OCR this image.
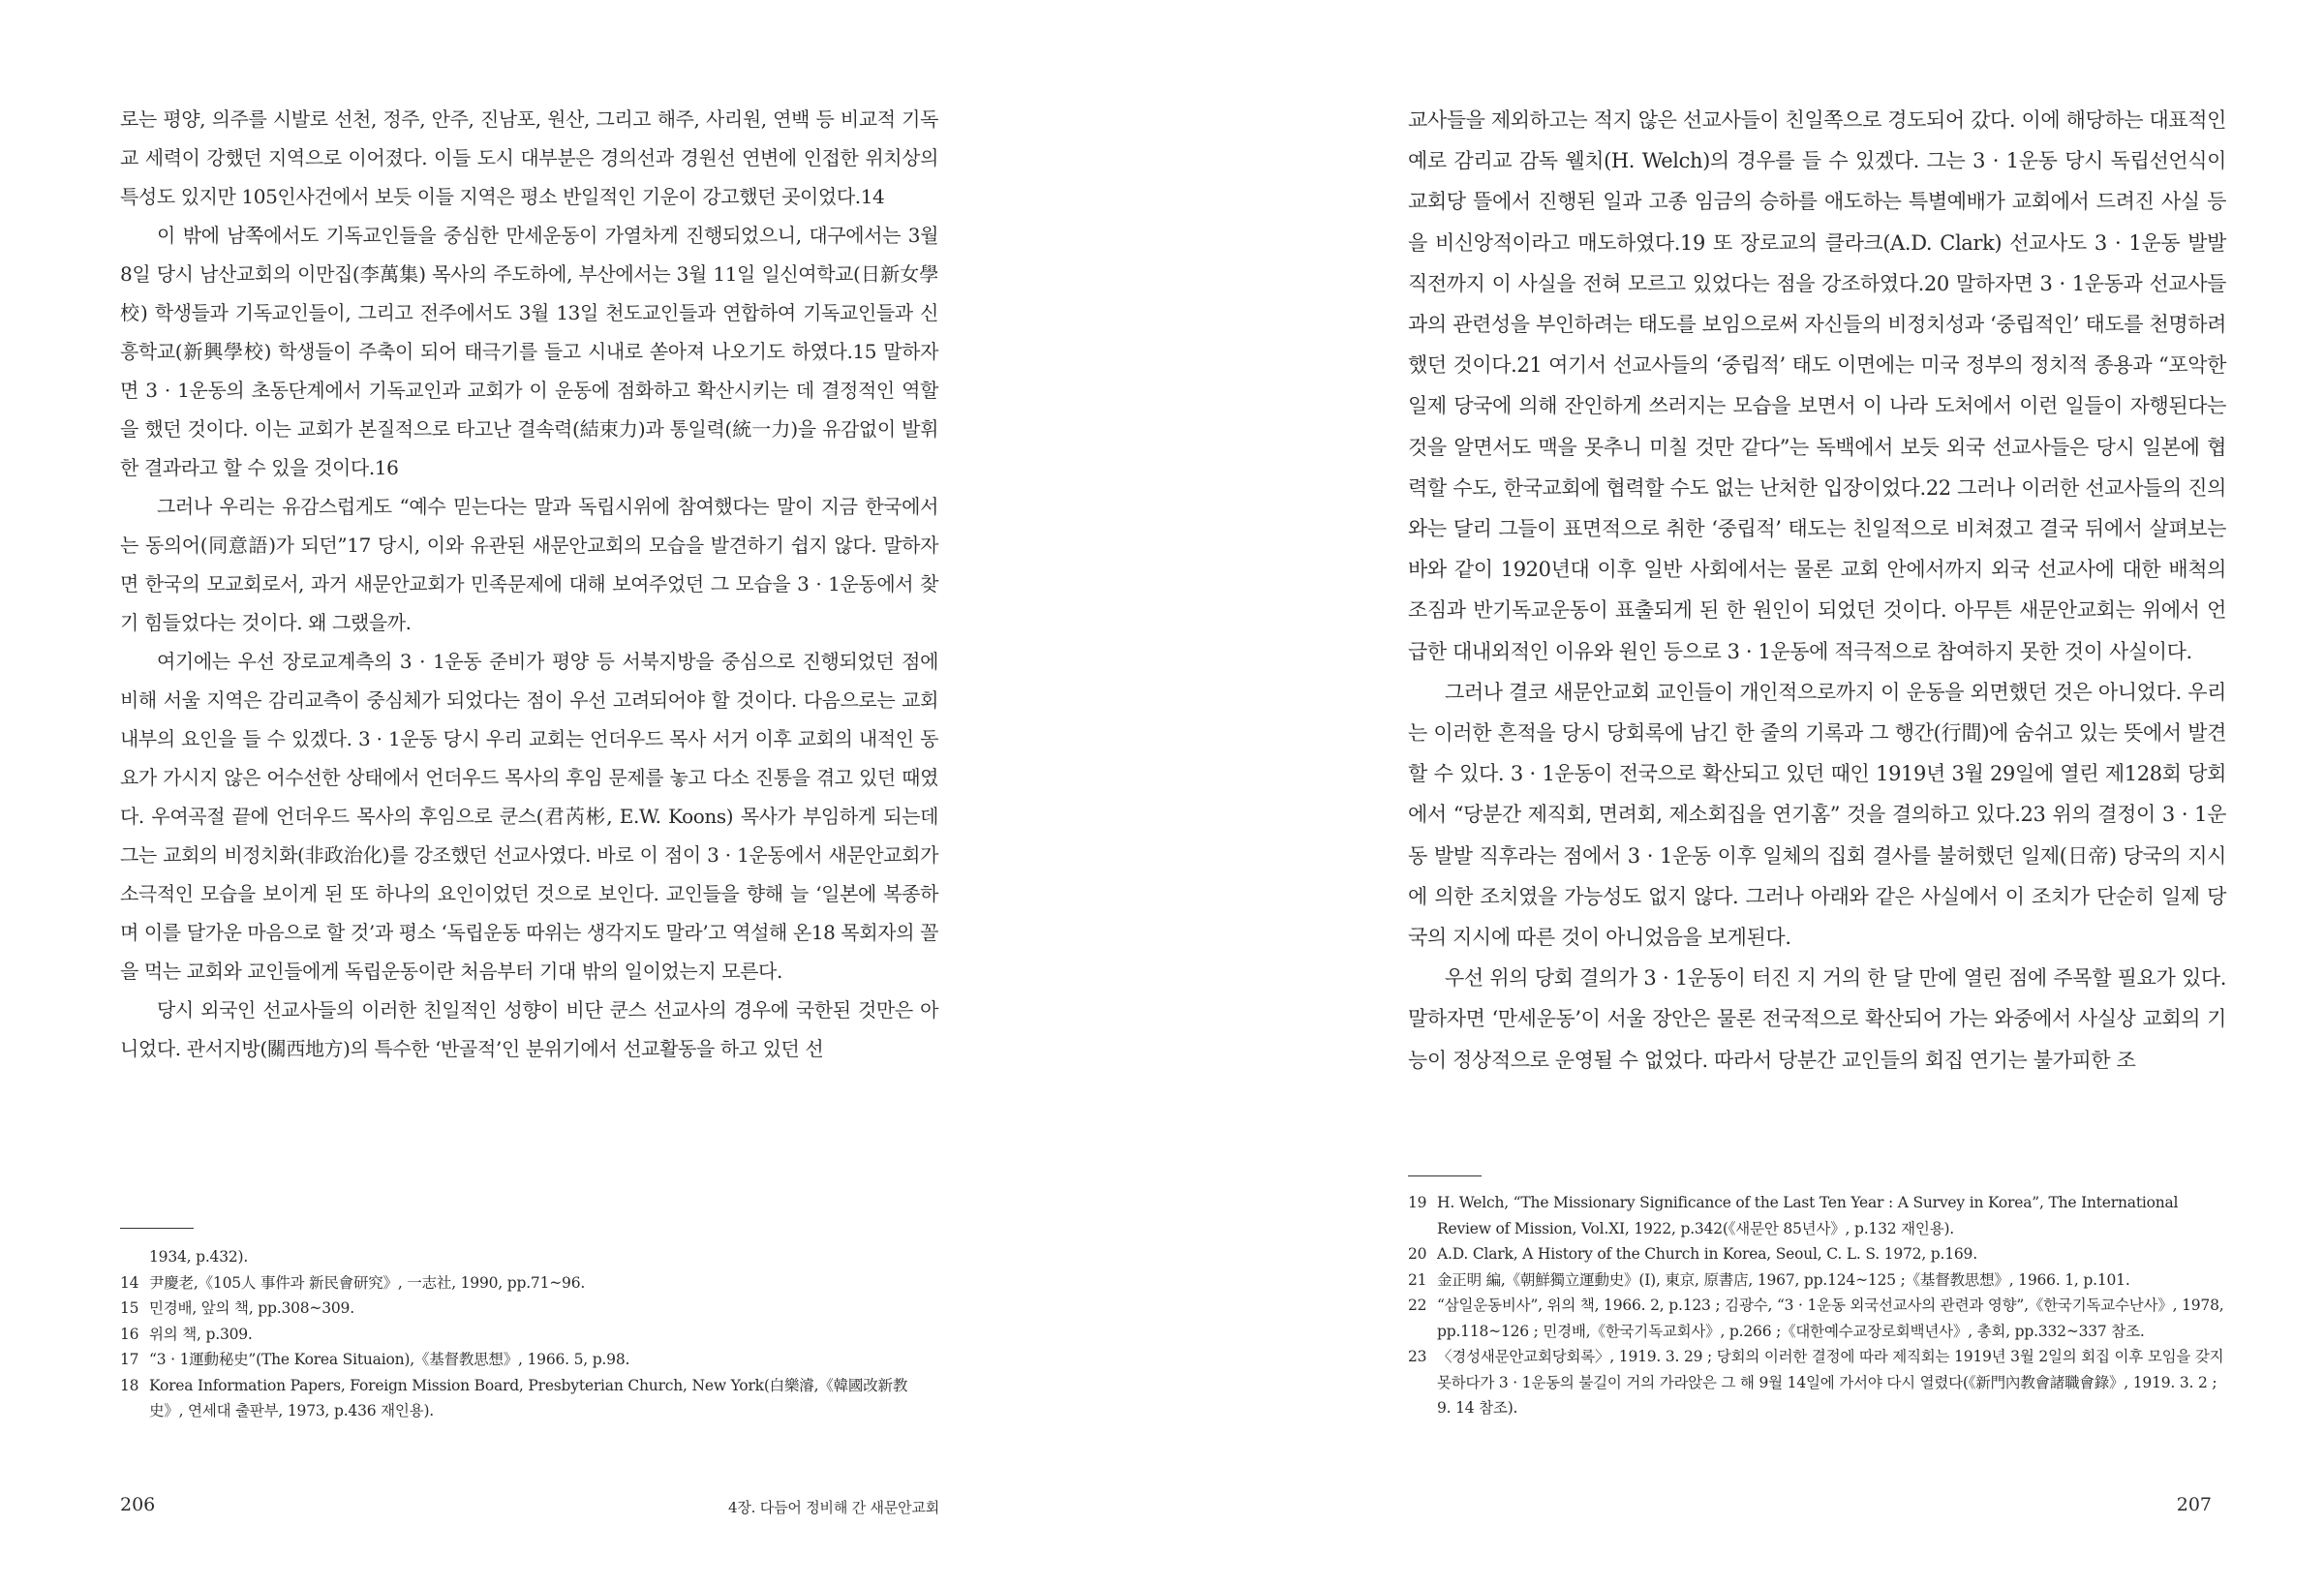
로는 평양, 의주를 시발로 선천, 정주, 안주, 진남포, 원산, 그리고 해주, 사리원, 연백 등 비교적 기독교 세력이 강했던 지역으로 이어졌다. 이들 도시 대부분은 경의선과 경원선 연변에 인접한 위치상의 특성도 있지만 105인사건에서 보듯 이들 지역은 평소 반일적인 기운이 강고했던 곳이었다.14

이 밖에 남쪽에서도 기독교인들을 중심한 만세운동이 가열차게 진행되었으니, 대구에서는 3월 8일 당시 남산교회의 이만집(李萬集) 목사의 주도하에, 부산에서는 3월 11일 일신여학교(日新女學校) 학생들과 기독교인들이, 그리고 전주에서도 3월 13일 천도교인들과 연합하여 기독교인들과 신흥학교(新興學校) 학생들이 주축이 되어 태극기를 들고 시내로 쏟아져 나오기도 하였다.15 말하자면 3 · 1운동의 초동단계에서 기독교인과 교회가 이 운동에 점화하고 확산시키는 데 결정적인 역할을 했던 것이다. 이는 교회가 본질적으로 타고난 결속력(結束力)과 통일력(統一力)을 유감없이 발휘한 결과라고 할 수 있을 것이다.16

그러나 우리는 유감스럽게도 “예수 믿는다는 말과 독립시위에 참여했다는 말이 지금 한국에서는 동의어(同意語)가 되던”17 당시, 이와 유관된 새문안교회의 모습을 발견하기 쉽지 않다. 말하자면 한국의 모교회로서, 과거 새문안교회가 민족문제에 대해 보여주었던 그 모습을 3 · 1운동에서 찾기 힘들었다는 것이다. 왜 그랬을까.

여기에는 우선 장로교계측의 3 · 1운동 준비가 평양 등 서북지방을 중심으로 진행되었던 점에 비해 서울 지역은 감리교측이 중심체가 되었다는 점이 우선 고려되어야 할 것이다. 다음으로는 교회 내부의 요인을 들 수 있겠다. 3 · 1운동 당시 우리 교회는 언더우드 목사 서거 이후 교회의 내적인 동요가 가시지 않은 어수선한 상태에서 언더우드 목사의 후임 문제를 놓고 다소 진통을 겪고 있던 때였다. 우여곡절 끝에 언더우드 목사의 후임으로 쿤스(君芮彬, E.W. Koons) 목사가 부임하게 되는데 그는 교회의 비정치화(非政治化)를 강조했던 선교사였다. 바로 이 점이 3 · 1운동에서 새문안교회가 소극적인 모습을 보이게 된 또 하나의 요인이었던 것으로 보인다. 교인들을 향해 늘 ‘일본에 복종하며 이를 달가운 마음으로 할 것’과 평소 ‘독립운동 따위는 생각지도 말라’고 역설해 온18 목회자의 꼴을 먹는 교회와 교인들에게 독립운동이란 처음부터 기대 밖의 일이었는지 모른다.

당시 외국인 선교사들의 이러한 친일적인 성향이 비단 쿤스 선교사의 경우에 국한된 것만은 아니었다. 관서지방(關西地方)의 특수한 ‘반골적’인 분위기에서 선교활동을 하고 있던 선

1934, p.432).
14 尹慶老,《105人 事件과 新民會研究》, 一志社, 1990, pp.71~96.
15 민경배, 앞의 책, pp.308~309.
16 위의 책, p.309.
17 “3 · 1運動秘史”(The Korea Situaion),《基督教思想》, 1966. 5, p.98.
18 Korea Information Papers, Foreign Mission Board, Presbyterian Church, New York(白樂濬,《韓國改新教史》, 연세대 출판부, 1973, p.436 재인용).
206	4장. 다듬어 정비해 간 새문안교회

교사들을 제외하고는 적지 않은 선교사들이 친일쪽으로 경도되어 갔다. 이에 해당하는 대표적인 예로 감리교 감독 웰치(H. Welch)의 경우를 들 수 있겠다. 그는 3 · 1운동 당시 독립선언식이 교회당 뜰에서 진행된 일과 고종 임금의 승하를 애도하는 특별예배가 교회에서 드려진 사실 등을 비신앙적이라고 매도하였다.19 또 장로교의 클라크(A.D. Clark) 선교사도 3 · 1운동 발발 직전까지 이 사실을 전혀 모르고 있었다는 점을 강조하였다.20 말하자면 3 · 1운동과 선교사들과의 관련성을 부인하려는 태도를 보임으로써 자신들의 비정치성과 ‘중립적인’ 태도를 천명하려 했던 것이다.21 여기서 선교사들의 ‘중립적’ 태도 이면에는 미국 정부의 정치적 종용과 “포악한 일제 당국에 의해 잔인하게 쓰러지는 모습을 보면서 이 나라 도처에서 이런 일들이 자행된다는 것을 알면서도 맥을 못추니 미칠 것만 같다”는 독백에서 보듯 외국 선교사들은 당시 일본에 협력할 수도, 한국교회에 협력할 수도 없는 난처한 입장이었다.22 그러나 이러한 선교사들의 진의와는 달리 그들이 표면적으로 취한 ‘중립적’ 태도는 친일적으로 비쳐졌고 결국 뒤에서 살펴보는 바와 같이 1920년대 이후 일반 사회에서는 물론 교회 안에서까지 외국 선교사에 대한 배척의 조짐과 반기독교운동이 표출되게 된 한 원인이 되었던 것이다. 아무튼 새문안교회는 위에서 언급한 대내외적인 이유와 원인 등으로 3 · 1운동에 적극적으로 참여하지 못한 것이 사실이다.

그러나 결코 새문안교회 교인들이 개인적으로까지 이 운동을 외면했던 것은 아니었다. 우리는 이러한 흔적을 당시 당회록에 남긴 한 줄의 기록과 그 행간(行間)에 숨쉬고 있는 뜻에서 발견할 수 있다. 3 · 1운동이 전국으로 확산되고 있던 때인 1919년 3월 29일에 열린 제128회 당회에서 “당분간 제직회, 면려회, 제소회집을 연기홈” 것을 결의하고 있다.23 위의 결정이 3 · 1운동 발발 직후라는 점에서 3 · 1운동 이후 일체의 집회 결사를 불허했던 일제(日帝) 당국의 지시에 의한 조치였을 가능성도 없지 않다. 그러나 아래와 같은 사실에서 이 조치가 단순히 일제 당국의 지시에 따른 것이 아니었음을 보게된다.

우선 위의 당회 결의가 3 · 1운동이 터진 지 거의 한 달 만에 열린 점에 주목할 필요가 있다. 말하자면 ‘만세운동’이 서울 장안은 물론 전국적으로 확산되어 가는 와중에서 사실상 교회의 기능이 정상적으로 운영될 수 없었다. 따라서 당분간 교인들의 회집 연기는 불가피한 조

19 H. Welch, “The Missionary Significance of the Last Ten Year : A Survey in Korea”, The International Review of Mission, Vol.XI, 1922, p.342(《새문안 85년사》, p.132 재인용).
20 A.D. Clark, A History of the Church in Korea, Seoul, C. L. S. 1972, p.169.
21 金正明 編,《朝鮮獨立運動史》(I), 東京, 原書店, 1967, pp.124~125 ;《基督教思想》, 1966. 1, p.101.
22 “삼일운동비사”, 위의 책, 1966. 2, p.123 ; 김광수, “3 · 1운동 외국선교사의 관련과 영향”,《한국기독교수난사》, 1978, pp.118~126 ; 민경배,《한국기독교회사》, p.266 ;《대한예수교장로회백년사》, 총회, pp.332~337 참조.
23 〈경성새문안교회당회록〉, 1919. 3. 29 ; 당회의 이러한 결정에 따라 제직회는 1919년 3월 2일의 회집 이후 모임을 갖지 못하다가 3 · 1운동의 불길이 거의 가라앉은 그 해 9월 14일에 가서야 다시 열렸다(《新門內教會諸職會錄》, 1919. 3. 2 ; 9. 14 참조).
207
